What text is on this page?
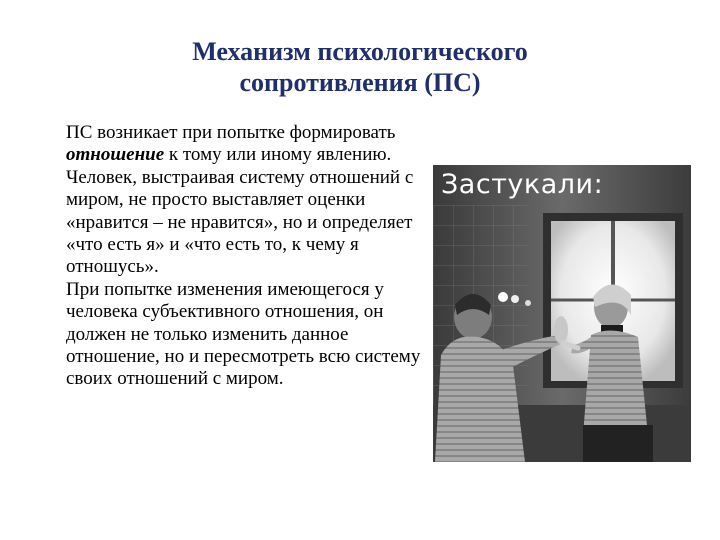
Механизм психологического
сопротивления (ПС)

ПС возникает при попытке формировать отношение к тому или иному явлению.

Человек, выстраивая систему отношений с миром, не просто выставляет оценки «нравится – не нравится», но и определяет «что есть я» и «что есть то, к чему я отношусь».

При попытке изменения имеющегося у человека субъективного отношения, он должен не только изменить данное отношение, но и пересмотреть всю систему своих отношений с миром.

Застукали:
